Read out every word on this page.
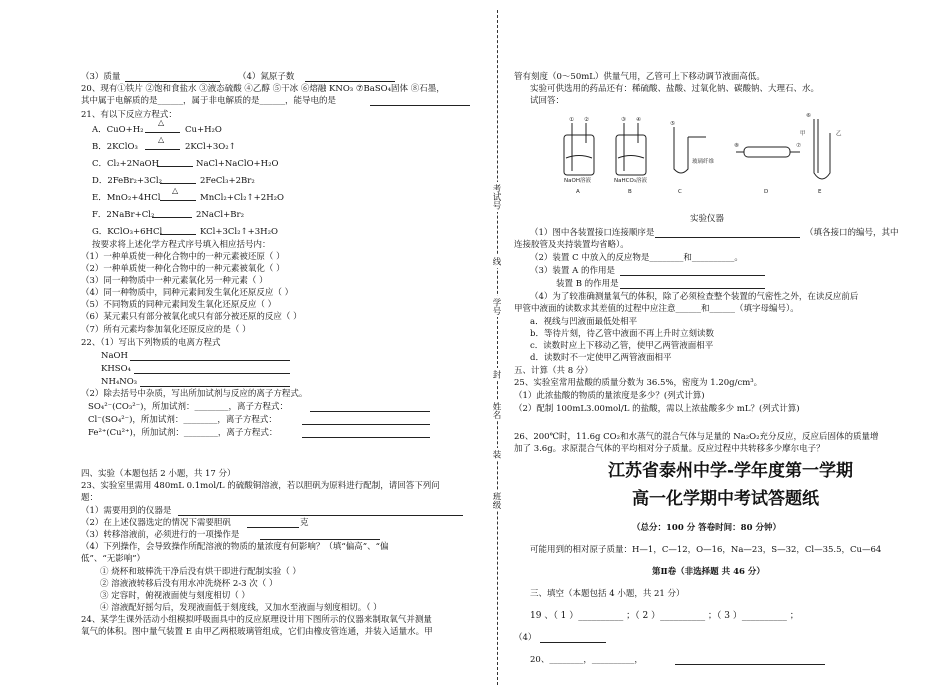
（3）质量	（4）氮原子数
20、现有①铁片 ②饱和食盐水 ③液态硫酸 ④乙醇 ⑤干冰 ⑥熔融 KNO₃ ⑦BaSO₄固体 ⑧石墨，
其中属于电解质的是______，属于非电解质的是______，能导电的是
21、有以下反应方程式：
A．CuO+H₂	Cu+H₂O
△
B．2KClO₃	2KCl+3O₂↑
△
C．Cl₂+2NaOH	NaCl+NaClO+H₂O
D．2FeBr₂+3Cl₂	2FeCl₃+2Br₂
E．MnO₂+4HCl	MnCl₂+Cl₂↑+2H₂O
△
F．2NaBr+Cl₂	2NaCl+Br₂
G．KClO₃+6HCl	KCl+3Cl₂↑+3H₂O
按要求将上述化学方程式序号填入相应括号内：
（1）一种单质使一种化合物中的一种元素被还原（ ）
（2）一种单质使一种化合物中的一种元素被氧化（ ）
（3）同一种物质中一种元素氧化另一种元素（ ）
（4）同一种物质中，同种元素间发生氧化还原反应（ ）
（5）不同物质的同种元素间发生氧化还原反应（ ）
（6）某元素只有部分被氧化或只有部分被还原的反应（ ）
（7）所有元素均参加氧化还原反应的是（ ）
22、（1）写出下列物质的电离方程式
NaOH
KHSO₄
NH₄NO₃
（2）除去括号中杂质，写出所加试剂与反应的离子方程式。
SO₄²⁻(CO₃²⁻)，所加试剂：________，离子方程式：
Cl⁻(SO₄²⁻)，所加试剂：________，离子方程式：
Fe²⁺(Cu²⁺)，所加试剂：________，离子方程式：
四、实验（本题包括 2 小题，共 17 分）
23、实验室里需用 480mL 0.1mol/L 的硫酸铜溶液，若以胆矾为原料进行配制，请回答下列问
题：
（1）需要用到的仪器是
（2）在上述仪器选定的情况下需要胆矾	克
（3）转移溶液前，必须进行的一项操作是
（4）下列操作，会导致操作所配溶液的物质的量浓度有何影响？（填“偏高”、“偏
低”、“无影响”）
① 烧杯和玻棒洗干净后没有烘干即进行配制实验（ ）
② 溶液液转移后没有用水冲洗烧杯 2-3 次（ ）
③ 定容时，俯视液面使与刻度相切（ ）
④ 溶液配好摇匀后，发现液面低于刻度线，又加水至液面与刻度相切。（ ）
24、某学生课外活动小组模拟呼吸面具中的反应原理设计用下图所示的仪器来制取氧气并测量
氧气的体积。图中量气装置 E 由甲乙两根玻璃管组成，它们由橡皮管连通，并装入适量水。甲
考试号
线
学号
封
姓名
装
班级
管有刻度（0～50mL）供量气用，乙管可上下移动调节液面高低。
实验可供选用的药品还有：稀硫酸、盐酸、过氧化钠、碳酸钠、大理石、水。
试回答：
① ②	③ ④
⑤
⑥
⑦
⑧
NaOH溶液	NaHCO₃溶液
玻璃纤维
甲	乙
A	B	C	D	E
实验仪器
（1）图中各装置接口连接顺序是	（填各接口的编号，其中
连接胶管及夹持装置均省略）。
（2）装置 C 中放入的反应物是________和__________。
（3）装置 A 的作用是
装置 B 的作用是
（4）为了较准确测量氧气的体积，除了必须检查整个装置的气密性之外，在读反应前后
甲管中液面的读数求其差值的过程中应注意______和______（填字母编号）。
a．视线与凹液面最低处相平
b．等待片刻，待乙管中液面不再上升时立刻读数
c．读数时应上下移动乙管，使甲乙两管液面相平
d．读数时不一定使甲乙两管液面相平
五、计算（共 8 分）
25、实验室常用盐酸的质量分数为 36.5%，密度为 1.20g/cm³。
（1）此浓盐酸的物质的量浓度是多少？(列式计算)
（2）配制 100mL3.00mol/L 的盐酸，需以上浓盐酸多少 mL？(列式计算)
26、200℃时，11.6g CO₂和水蒸气的混合气体与足量的 Na₂O₂充分反应，反应后固体的质量增
加了 3.6g。求原混合气体的平均相对分子质量。反应过程中共转移多少摩尔电子？
江苏省泰州中学-学年度第一学期
高一化学期中考试答题纸
（总分：100 分 答卷时间：80 分钟）
可能用到的相对原子质量：H—1，C—12，O—16，Na—23，S—32，Cl—35.5，Cu—64
第Ⅱ卷（非选择题 共 46 分）
三、填空（本题包括 4 小题，共 21 分）
19 、（ 1 ）__________ ；（ 2 ）__________ ；（ 3 ）__________ ；
（4）
20、________，__________，
